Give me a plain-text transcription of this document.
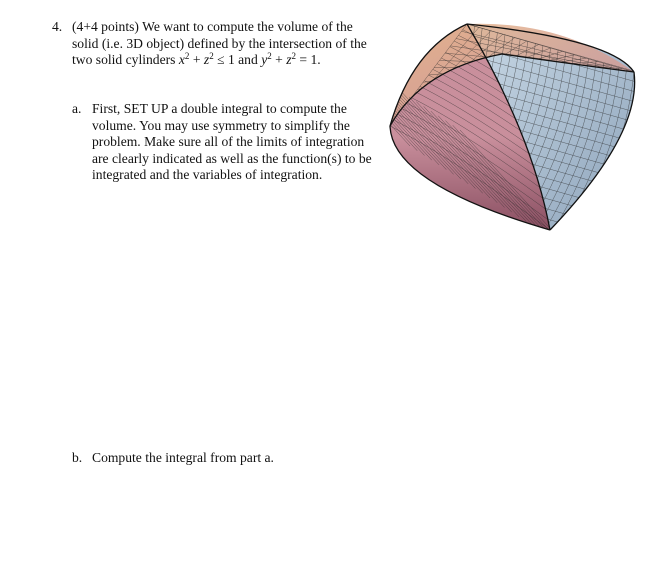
4. (4+4 points) We want to compute the volume of the solid (i.e. 3D object) defined by the intersection of the two solid cylinders $x^2 + z^2 \le 1$ and $y^2 + z^2 = 1$.
a. First, SET UP a double integral to compute the volume. You may use symmetry to simplify the problem. Make sure all of the limits of integration are clearly indicated as well as the function(s) to be integrated and the variables of integration.
b. Compute the integral from part a.
